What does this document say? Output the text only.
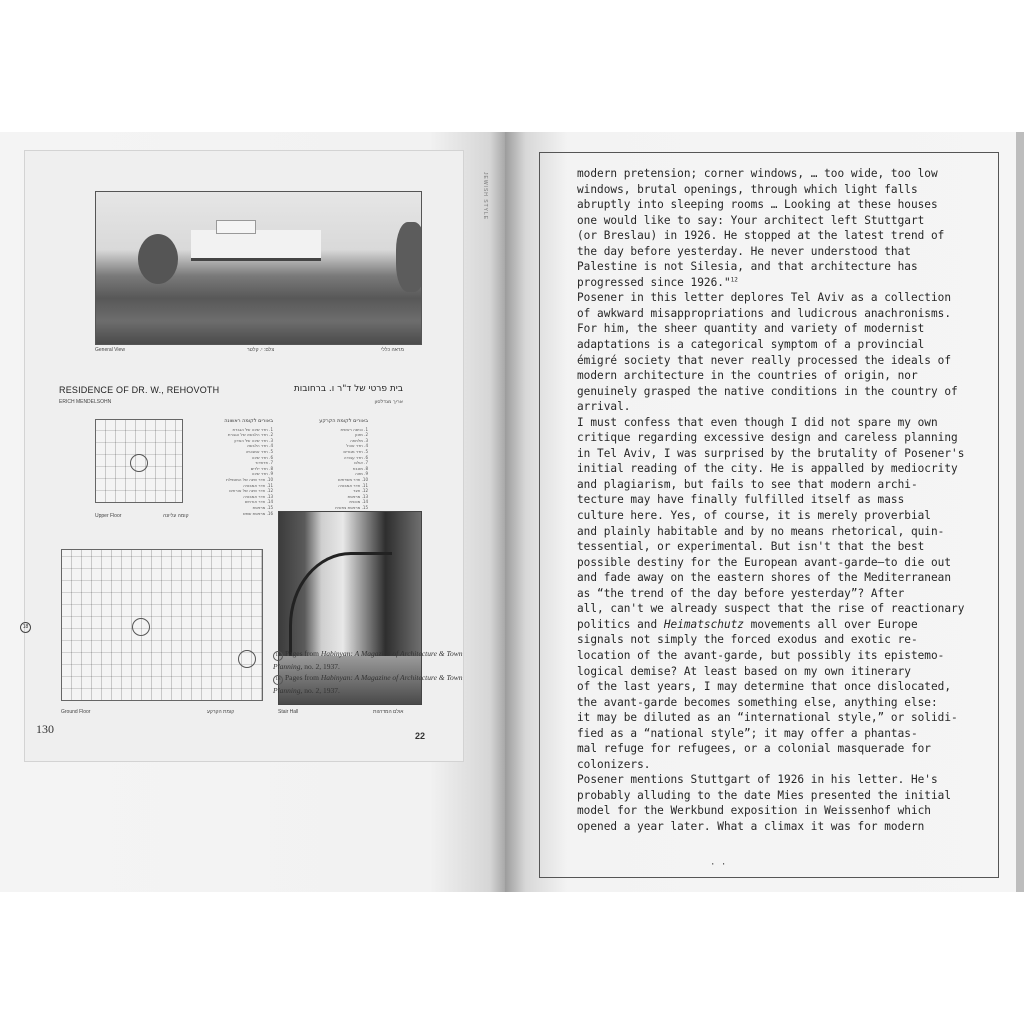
General View	צלם: י. קלטר	מראה כללי
RESIDENCE OF DR. W., REHOVOTH
ERICH MENDELSOHN
בית פרטי של ד"ר ו. ברחובות
אריך מנדלסון
Upper Floor	קומה עליונה
באורים לקומה ראשונה
1. חדר שינה של הגברת
2. חדר הלבשה של הגברת
3. חדר שינה של האדון
4. חדר הלבשה
5. חדר אמבטיה
6. חדר שינה
7. פרוזדור
8. חדר ילדים
9. חדר שינה
10. חדר שינה של המטפלת
11. חדר אמבטיה
12. חדר שינה של אורחים
13. חדר אמבטיה
14. חדר אורחים
15. מרפסת
16. מרפסת שמש
באורים לקומת הקרקע
1. כניסה ראשית
2. מזנון
3. מלתחה
4. חדר אוכל
5. חדר מגורים
6. חדר עבודה
7. אולם
8. מטבח
9. מזוה
10. חדר משרתים
11. חדר אמבטיה
12. חצר
13. מרפסת
14. מכונית
15. מרפסת צפונית
Ground Floor	קומת הקרקע	Stair Hall	אולם המדרגות
22
JEWISH STYLE
18
17 Pages from Habinyan: A Magazine of Architecture & Town Planning, no. 2, 1937.
18 Pages from Habinyan: A Magazine of Architecture & Town Planning, no. 2, 1937.
130
modern pretension; corner windows, … too wide, too low
windows, brutal openings, through which light falls
abruptly into sleeping rooms … Looking at these houses
one would like to say: Your architect left Stuttgart
(or Breslau) in 1926. He stopped at the latest trend of
the day before yesterday. He never understood that
Palestine is not Silesia, and that architecture has
progressed since 1926."$^{12}$
Posener in this letter deplores Tel Aviv as a collection
of awkward misappropriations and ludicrous anachronisms.
For him, the sheer quantity and variety of modernist
adaptations is a categorical symptom of a provincial
émigré society that never really processed the ideals of
modern architecture in the countries of origin, nor
genuinely grasped the native conditions in the country of
arrival.
I must confess that even though I did not spare my own
critique regarding excessive design and careless planning
in Tel Aviv, I was surprised by the brutality of Posener's
initial reading of the city. He is appalled by mediocrity
and plagiarism, but fails to see that modern archi-
tecture may have finally fulfilled itself as mass
culture here. Yes, of course, it is merely proverbial
and plainly habitable and by no means rhetorical, quin-
tessential, or experimental. But isn't that the best
possible destiny for the European avant-garde—to die out
and fade away on the eastern shores of the Mediterranean
as “the trend of the day before yesterday”? After
all, can't we already suspect that the rise of reactionary
politics and Heimatschutz movements all over Europe
signals not simply the forced exodus and exotic re-
location of the avant-garde, but possibly its epistemo-
logical demise? At least based on my own itinerary
of the last years, I may determine that once dislocated,
the avant-garde becomes something else, anything else:
it may be diluted as an “international style,” or solidi-
fied as a “national style”; it may offer a phantas-
mal refuge for refugees, or a colonial masquerade for
colonizers.
Posener mentions Stuttgart of 1926 in his letter. He's
probably alluding to the date Mies presented the initial
model for the Werkbund exposition in Weissenhof which
opened a year later. What a climax it was for modern
· ·
